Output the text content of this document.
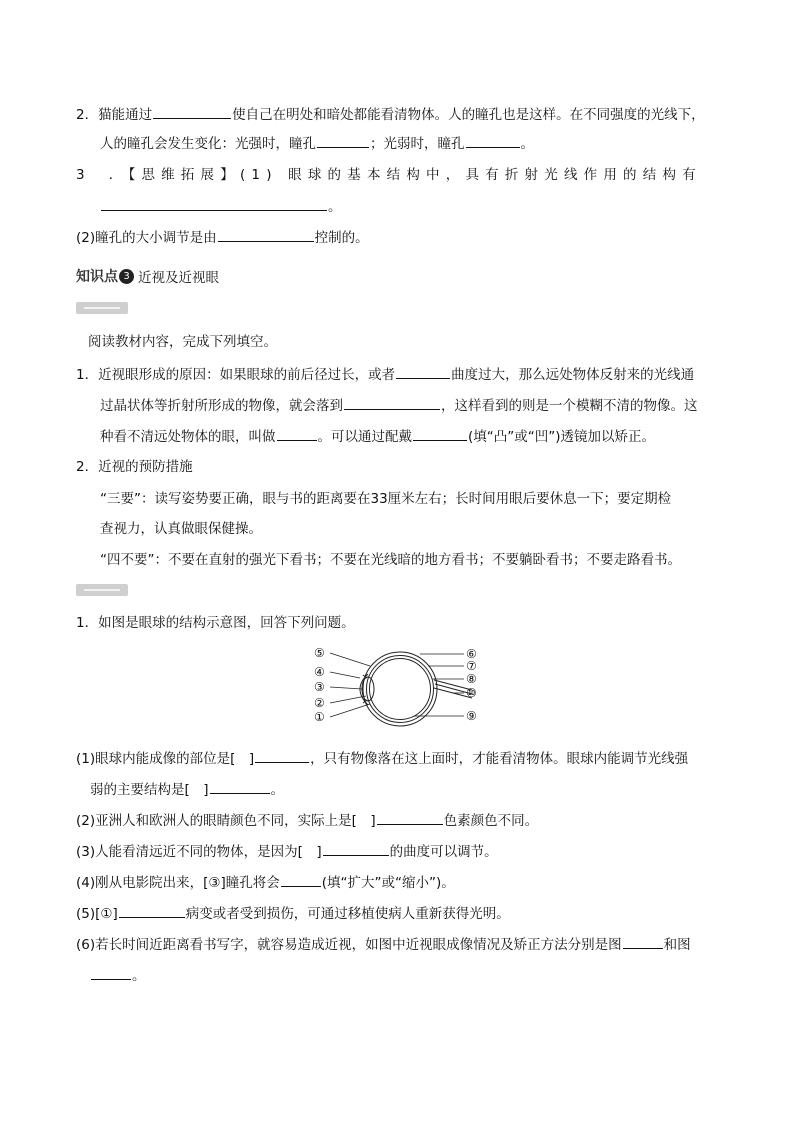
2．猫能通过	使自己在明处和暗处都能看清物体。人的瞳孔也是这样。在不同强度的光线下，
人的瞳孔会发生变化：光强时，瞳孔	；光弱时，瞳孔	。
3 ．【思维拓展】(1) 眼球的基本结构中，具有折射光线作用的结构有
。
(2)瞳孔的大小调节是由	控制的。
知识点 3 近视及近视眼
阅读教材内容，完成下列填空。
1．近视眼形成的原因：如果眼球的前后径过长，或者	曲度过大，那么远处物体反射来的光线通
过晶状体等折射所形成的物像，就会落到	，这样看到的则是一个模糊不清的物像。这
种看不清远处物体的眼，叫做	。可以通过配戴	(填“凸”或“凹”)透镜加以矫正。
2．近视的预防措施
“三要”：读写姿势要正确，眼与书的距离要在33厘米左右；长时间用眼后要休息一下；要定期检
查视力，认真做眼保健操。
“四不要”：不要在直射的强光下看书；不要在光线暗的地方看书；不要躺卧看书；不要走路看书。
1．如图是眼球的结构示意图，回答下列问题。
⑤
④
③
②
①
⑥
⑦
⑧
⑩
⑨
(1)眼球内能成像的部位是[　]	，只有物像落在这上面时，才能看清物体。眼球内能调节光线强
弱的主要结构是[　]	。
(2)亚洲人和欧洲人的眼睛颜色不同，实际上是[　]	色素颜色不同。
(3)人能看清远近不同的物体，是因为[　]	的曲度可以调节。
(4)刚从电影院出来，[③]瞳孔将会	(填“扩大”或“缩小”)。
(5)[①]	病变或者受到损伤，可通过移植使病人重新获得光明。
(6)若长时间近距离看书写字，就容易造成近视，如图中近视眼成像情况及矫正方法分别是图	和图
。
